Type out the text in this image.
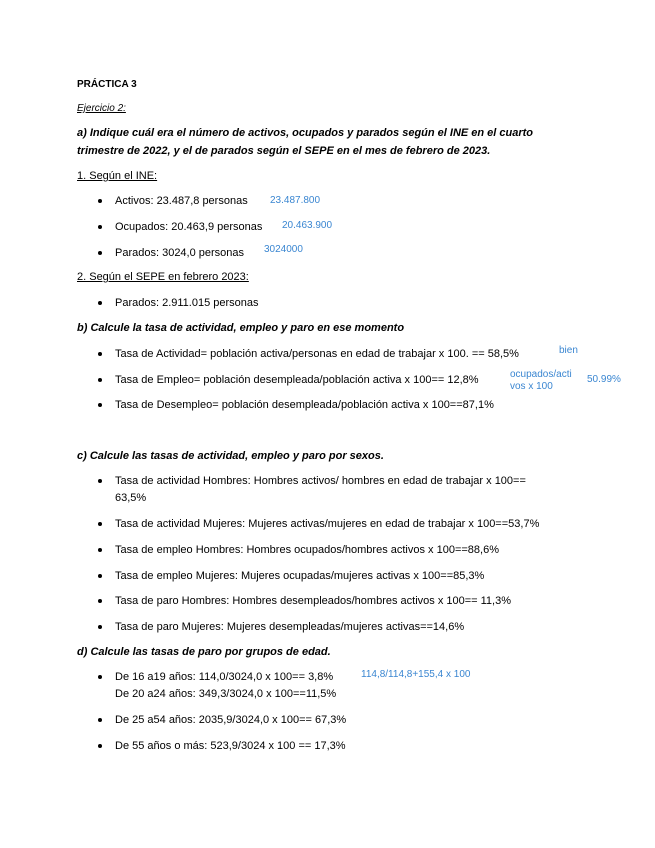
PRÁCTICA 3
Ejercicio 2:
a) Indique cuál era el número de activos, ocupados y parados según el INE en el cuarto
trimestre de 2022, y el de parados según el SEPE en el mes de febrero de 2023.
1. Según el INE:
Activos: 23.487,8 personas 23.487.800
Ocupados: 20.463,9 personas 20.463.900
Parados: 3024,0 personas 3024000
2. Según el SEPE en febrero 2023:
Parados: 2.911.015 personas
b) Calcule la tasa de actividad, empleo y paro en ese momento
Tasa de Actividad= población activa/personas en edad de trabajar x 100. == 58,5%	bien
Tasa de Empleo= población desempleada/población activa x 100== 12,8%	ocupados/acti
vos x 100
50.99%
Tasa de Desempleo= población desempleada/población activa x 100==87,1%
c) Calcule las tasas de actividad, empleo y paro por sexos.
Tasa de actividad Hombres: Hombres activos/ hombres en edad de trabajar x 100==
63,5%
Tasa de actividad Mujeres: Mujeres activas/mujeres en edad de trabajar x 100==53,7%
Tasa de empleo Hombres: Hombres ocupados/hombres activos x 100==88,6%
Tasa de empleo Mujeres: Mujeres ocupadas/mujeres activas x 100==85,3%
Tasa de paro Hombres: Hombres desempleados/hombres activos x 100== 11,3%
Tasa de paro Mujeres: Mujeres desempleadas/mujeres activas==14,6%
d) Calcule las tasas de paro por grupos de edad.
De 16 a19 años: 114,0/3024,0 x 100== 3,8%
De 20 a24 años: 349,3/3024,0 x 100==11,5%
114,8/114,8+155,4 x 100
De 25 a54 años: 2035,9/3024,0 x 100== 67,3%
De 55 años o más: 523,9/3024 x 100 == 17,3%
